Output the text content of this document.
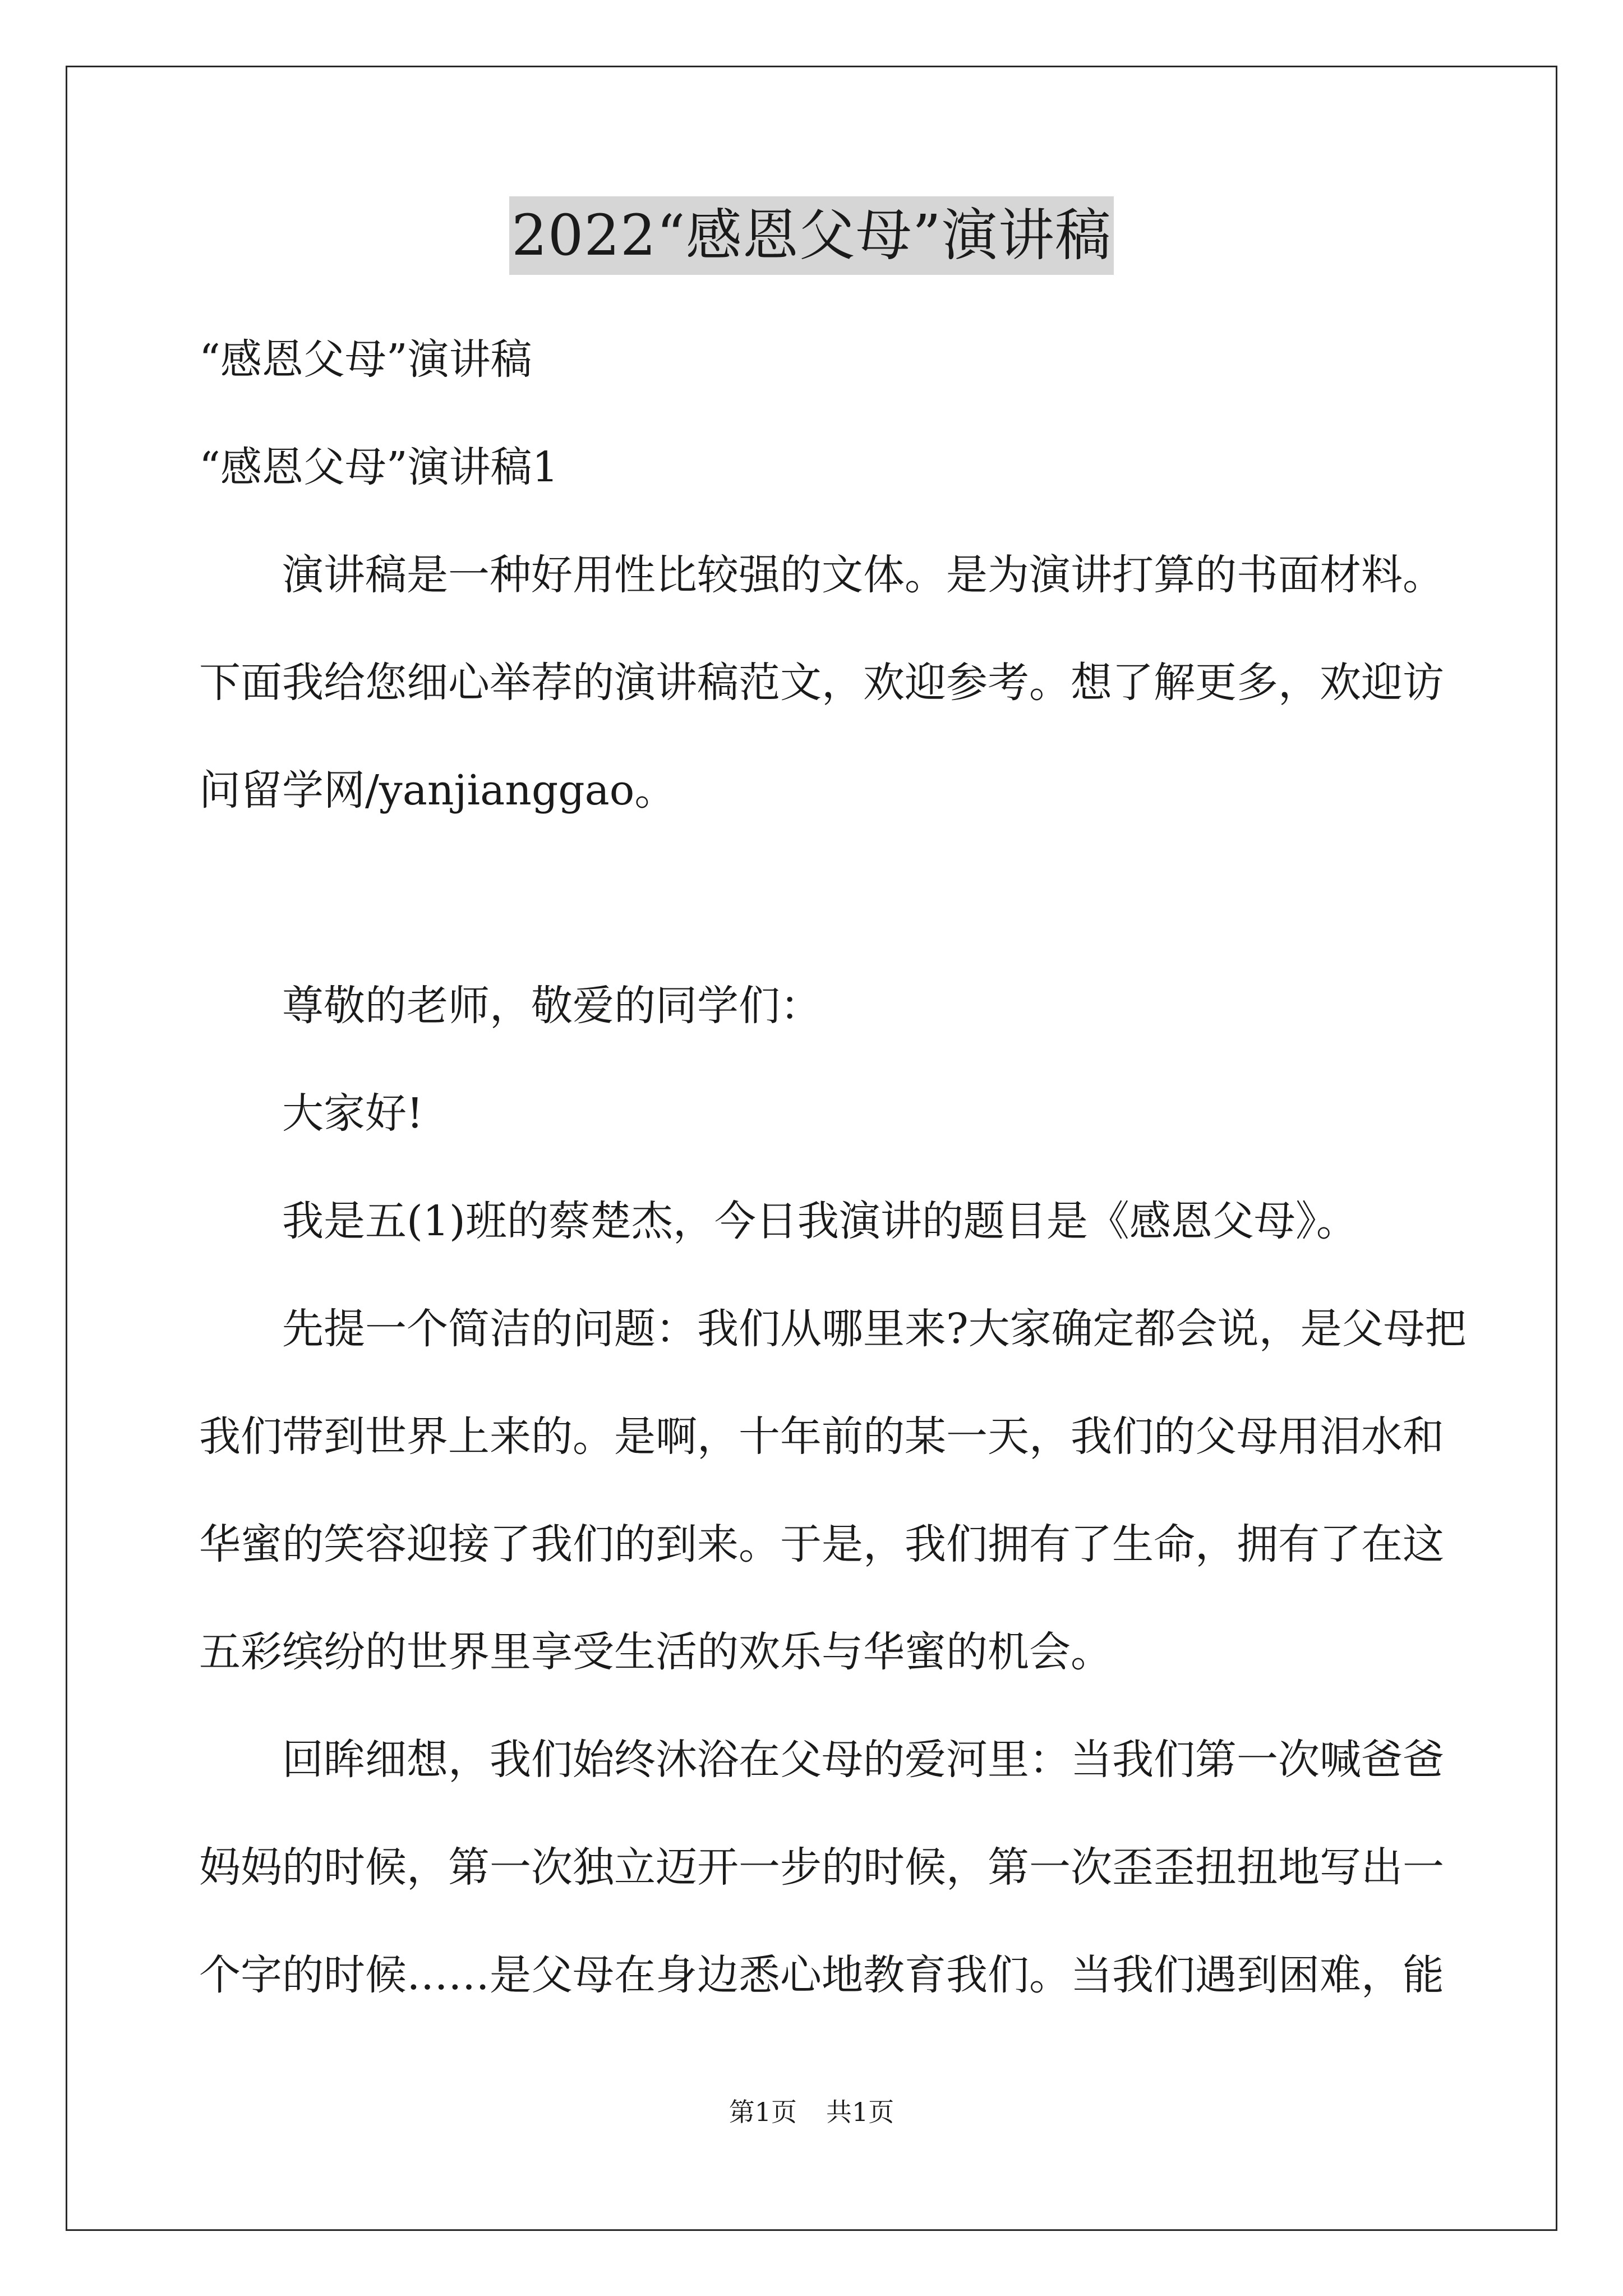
2022“感恩父母”演讲稿
“感恩父母”演讲稿
“感恩父母”演讲稿1
演讲稿是一种好用性比较强的文体。是为演讲打算的书面材料。
下面我给您细心举荐的演讲稿范文，欢迎参考。想了解更多，欢迎访
问留学网/yanjianggao。
尊敬的老师，敬爱的同学们：
大家好!
我是五(1)班的蔡楚杰，今日我演讲的题目是《感恩父母》。
先提一个简洁的问题：我们从哪里来?大家确定都会说，是父母把
我们带到世界上来的。是啊，十年前的某一天，我们的父母用泪水和
华蜜的笑容迎接了我们的到来。于是，我们拥有了生命，拥有了在这
五彩缤纷的世界里享受生活的欢乐与华蜜的机会。
回眸细想，我们始终沐浴在父母的爱河里：当我们第一次喊爸爸
妈妈的时候，第一次独立迈开一步的时候，第一次歪歪扭扭地写出一
个字的时候……是父母在身边悉心地教育我们。当我们遇到困难，能
第1页 共1页
